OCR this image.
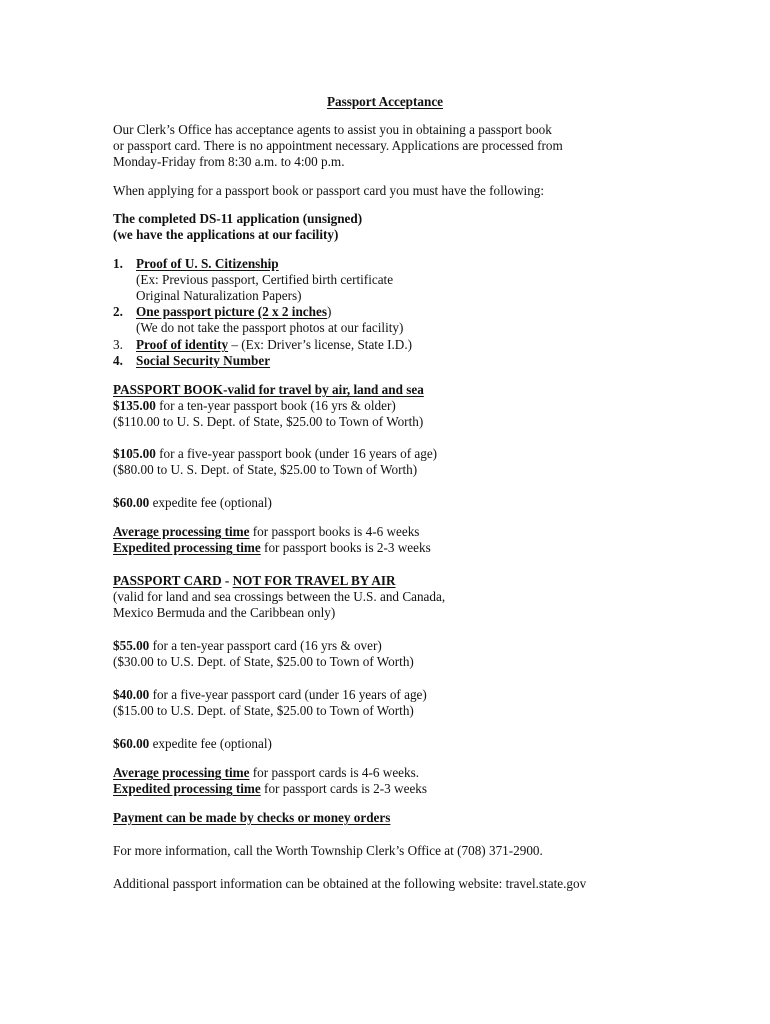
Passport Acceptance
Our Clerk’s Office has acceptance agents to assist you in obtaining a passport book
or passport card. There is no appointment necessary. Applications are processed from
Monday-Friday from 8:30 a.m. to 4:00 p.m.
When applying for a passport book or passport card you must have the following:
The completed DS-11 application (unsigned)
(we have the applications at our facility)
1. Proof of U. S. Citizenship
(Ex: Previous passport, Certified birth certificate
Original Naturalization Papers)
2. One passport picture (2 x 2 inches)
(We do not take the passport photos at our facility)
3. Proof of identity – (Ex: Driver’s license, State I.D.)
4. Social Security Number
PASSPORT BOOK-valid for travel by air, land and sea
$135.00 for a ten-year passport book (16 yrs & older)
($110.00 to U. S. Dept. of State, $25.00 to Town of Worth)
$105.00 for a five-year passport book (under 16 years of age)
($80.00 to U. S. Dept. of State, $25.00 to Town of Worth)
$60.00 expedite fee (optional)
Average processing time for passport books is 4-6 weeks
Expedited processing time for passport books is 2-3 weeks
PASSPORT CARD - NOT FOR TRAVEL BY AIR
(valid for land and sea crossings between the U.S. and Canada,
Mexico Bermuda and the Caribbean only)
$55.00 for a ten-year passport card (16 yrs & over)
($30.00 to U.S. Dept. of State, $25.00 to Town of Worth)
$40.00 for a five-year passport card (under 16 years of age)
($15.00 to U.S. Dept. of State, $25.00 to Town of Worth)
$60.00 expedite fee (optional)
Average processing time for passport cards is 4-6 weeks.
Expedited processing time for passport cards is 2-3 weeks
Payment can be made by checks or money orders
For more information, call the Worth Township Clerk’s Office at (708) 371-2900.
Additional passport information can be obtained at the following website: travel.state.gov
